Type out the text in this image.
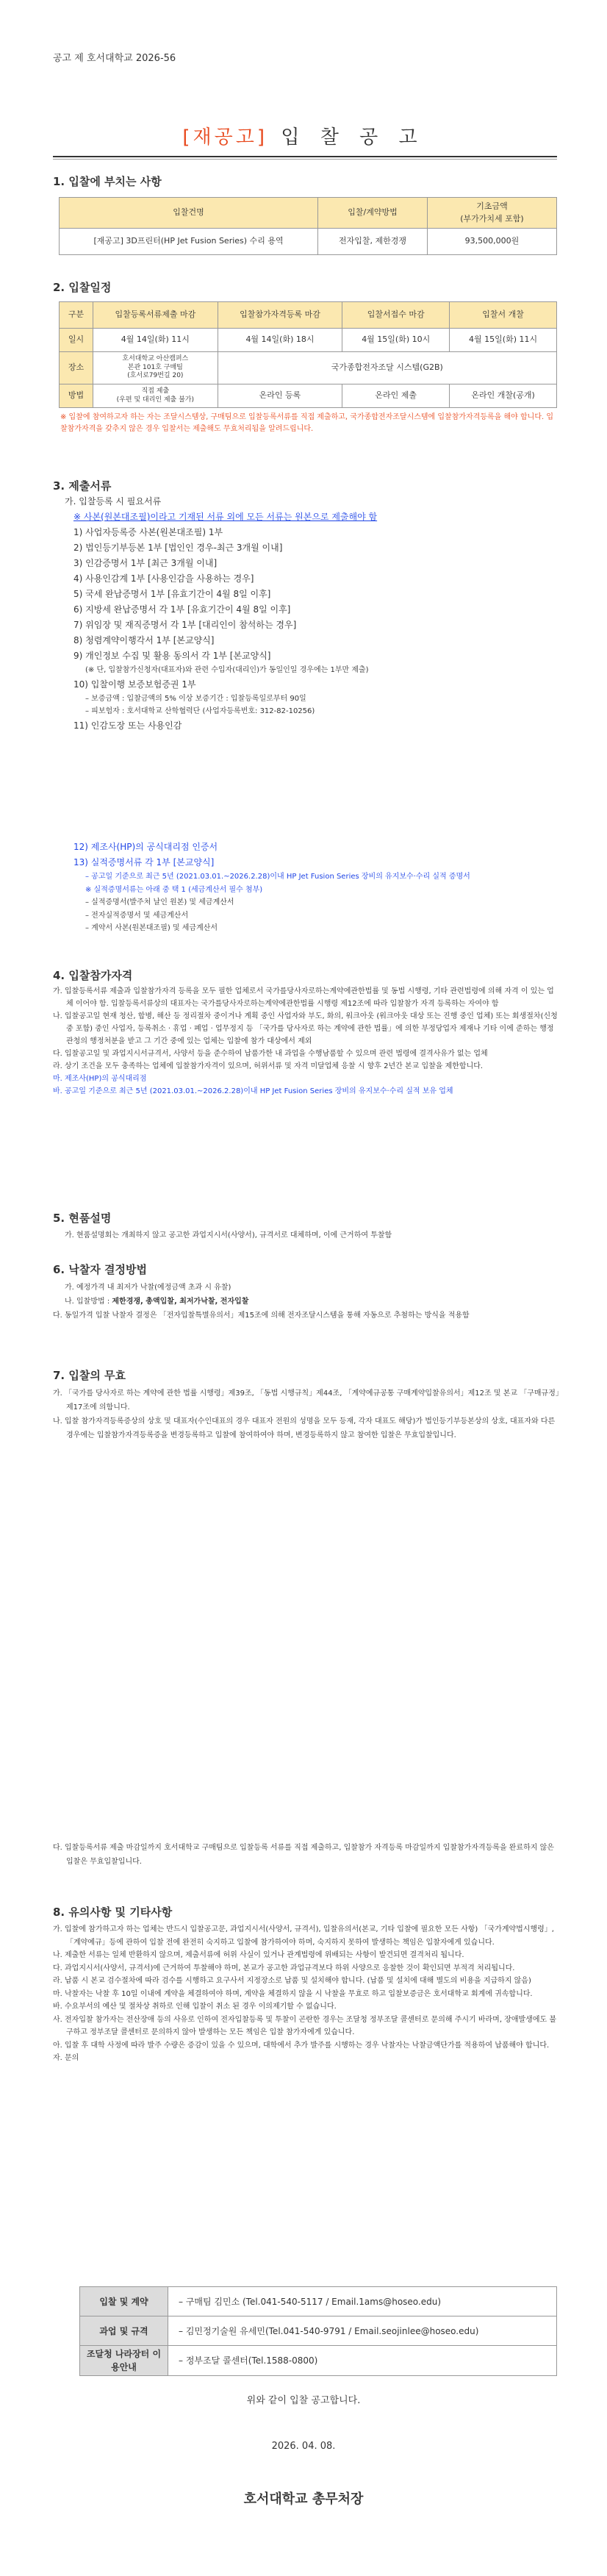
공고 제 호서대학교 2026-56
[재공고] 입 찰 공 고
1. 입찰에 부치는 사항
입찰건명	입찰/계약방법	기초금액
(부가가치세 포함)
[재공고] 3D프린터(HP Jet Fusion Series) 수리 용역	전자입찰, 제한경쟁	93,500,000원
2. 입찰일정
구분	입찰등록서류제출 마감	입찰참가자격등록 마감	입찰서접수 마감	입찰서 개찰
일시	4월 14일(화) 11시	4월 14일(화) 18시	4월 15일(화) 10시	4월 15일(화) 11시
장소	호서대학교 아산캠퍼스
본관 101호 구매팀
(호서로79번길 20)	국가종합전자조달 시스템(G2B)		
방법	직접 제출
(우편 및 대리인 제출 불가)	온라인 등록	온라인 제출	온라인 개찰(공개)
※ 입찰에 참여하고자 하는 자는 조달시스템상, 구매팀으로 입찰등록서류를 직접 제출하고, 국가종합전자조달시스템에 입찰참가자격등록을 해야 합니다. 입찰참가자격을 갖추지 않은 경우 입찰서는 제출해도 무효처리됨을 알려드립니다.
3. 제출서류
가. 입찰등록 시 필요서류
※ 사본(원본대조필)이라고 기재된 서류 외에 모든 서류는 원본으로 제출해야 함
1) 사업자등록증 사본(원본대조필) 1부
2) 법인등기부등본 1부 [법인인 경우-최근 3개월 이내]
3) 인감증명서 1부 [최근 3개월 이내]
4) 사용인감계 1부 [사용인감을 사용하는 경우]
5) 국세 완납증명서 1부 [유효기간이 4월 8일 이후]
6) 지방세 완납증명서 각 1부 [유효기간이 4월 8일 이후]
7) 위임장 및 재직증명서 각 1부 [대리인이 참석하는 경우]
8) 청렴계약이행각서 1부 [본교양식]
9) 개인정보 수집 및 활용 동의서 각 1부 [본교양식]
(※ 단, 입찰참가신청자(대표자)와 관련 수입자(대리인)가 동일인일 경우에는 1부만 제출)
10) 입찰이행 보증보험증권 1부
– 보증금액 : 입찰금액의 5% 이상 보증기간 : 입찰등록일로부터 90일
– 피보험자 : 호서대학교 산학협력단 (사업자등록번호: 312-82-10256)
11) 인감도장 또는 사용인감
12) 제조사(HP)의 공식대리점 인증서
13) 실적증명서류 각 1부 [본교양식]
– 공고일 기준으로 최근 5년 (2021.03.01.~2026.2.28)이내 HP Jet Fusion Series 장비의 유지보수·수리 실적 증명서
※ 실적증명서류는 아래 중 택 1 (세금계산서 필수 첨부)
– 실적증명서(발주처 날인 원본) 및 세금계산서
– 전자실적증명서 및 세금계산서
– 계약서 사본(원본대조필) 및 세금계산서
4. 입찰참가자격
가. 입찰등록서류 제출과 입찰참가자격 등록을 모두 필한 업체로서 국가를당사자로하는계약에관한법률 및 동법 시행령, 기타 관련법령에 의해 자격 이 있는 업체 이어야 함. 입찰등록서류상의 대표자는 국가를당사자로하는계약에관한법률 시행령 제12조에 따라 입찰참가 자격 등록하는 자여야 함
나. 입찰공고일 현재 청산, 합병, 해산 등 정리절차 중이거나 계획 중인 사업자와 부도, 화의, 워크아웃 (워크아웃 대상 또는 진행 중인 업체) 또는 회생절차(신청 중 포함) 중인 사업자, 등록취소 · 휴업 · 폐업 · 업무정지 등 「국가를 당사자로 하는 계약에 관한 법률」에 의한 부정당업자 제재나 기타 이에 준하는 행정관청의 행정처분을 받고 그 기간 중에 있는 업체는 입찰에 참가 대상에서 제외
다. 입찰공고일 및 과업지시서규격서, 사양서 등을 준수하여 납품가한 내 과업을 수행남품할 수 있으며 관련 법령에 결격사유가 없는 업체
라. 상기 조건을 모두 충족하는 업체에 입찰참가자격이 있으며, 허위서류 및 자격 미달업체 응찰 시 향후 2년간 본교 입찰을 제한합니다.
마. 제조사(HP)의 공식대리점
바. 공고일 기준으로 최근 5년 (2021.03.01.~2026.2.28)이내 HP Jet Fusion Series 장비의 유지보수·수리 실적 보유 업체
5. 현품설명
가. 현품설명회는 개최하지 않고 공고한 과업지시서(사양서), 규격서로 대체하며, 이에 근거하여 투찰함
6. 낙찰자 결정방법
가. 예정가격 내 최저가 낙찰(예정금액 초과 시 유찰)
나. 입찰방법 : 제한경쟁, 총액입찰, 최저가낙찰, 전자입찰
다. 동일가격 입찰 낙찰자 결정은 「전자입찰특별유의서」제15조에 의해 전자조달시스템을 통해 자동으로 추첨하는 방식을 적용함
7. 입찰의 무효
가. 「국가를 당사자로 하는 계약에 관한 법률 시행령」제39조, 「동법 시행규칙」제44조, 「계약예규공통 구매계약입찰유의서」제12조 및 본교 「구매규정」제17조에 의함니다.
나. 입찰 참가자격등록증상의 상호 및 대표자(수인대표의 경우 대표자 전원의 성명을 모두 등재, 각자 대표도 해당)가 법인등기부등본상의 상호, 대표자와 다른 경우에는 입찰참가자격등록증을 변경등록하고 입찰에 참여하여야 하며, 변경등록하지 않고 참여한 입찰은 무효입찰입니다.
다. 입찰등록서류 제출 마감일까지 호서대학교 구매팀으로 입찰등록 서류를 직접 제출하고, 입찰참가 자격등록 마감일까지 입찰참가자격등록을 완료하지 않은 입찰은 무효입찰입니다.
8. 유의사항 및 기타사항
가. 입찰에 참가하고자 하는 업체는 반드시 입찰공고문, 과업지시서(사양서, 규격서), 입찰유의서(본교, 기타 입찰에 필요한 모든 사항) 「국가계약법시행령」,「계약예규」등에 관하여 입찰 전에 완전히 숙지하고 입찰에 참가하여야 하며, 숙지하지 못하여 발생하는 책임은 입찰자에게 있습니다.
나. 제출한 서류는 일체 반환하지 않으며, 제출서류에 허위 사실이 있거나 관계법령에 위배되는 사항이 발견되면 결격처리 됩니다.
다. 과업지시서(사양서, 규격서)에 근거하여 투찰해야 하며, 본교가 공고한 과업규격보다 하위 사양으로 응찰한 것이 확인되면 부적격 처리됩니다.
라. 납품 시 본교 검수절차에 따라 검수를 시행하고 요구사서 지정장소로 납품 및 설치해야 합니다. (납품 및 설치에 대해 별도의 비용을 지급하지 않음)
마. 낙찰자는 낙찰 후 10일 이내에 계약을 체결하여야 하며, 계약을 체결하지 않을 시 낙찰을 무효로 하고 입찰보증금은 호서대학교 회계에 귀속합니다.
바. 수요부서의 예산 및 절차상 취하로 인해 입찰이 취소 된 경우 이의제기할 수 없습니다.
사. 전자입찰 참가자는 전산장애 등의 사유로 인하여 전자입찰등록 및 투찰이 곤란한 경우는 조달청 정부조달 콜센터로 문의해 주시기 바라며, 장애발생에도 불구하고 정부조달 콜센터로 문의하지 않아 발생하는 모든 책임은 입찰 참가자에게 있습니다.
아. 입찰 후 대학 사정에 따라 발주 수량은 증감이 있을 수 있으며, 대학에서 추가 발주를 시행하는 경우 낙찰자는 낙찰금액단가를 적용하여 납품해야 합니다.
자. 문의
입찰 및 계약	– 구매팀 김민소 (Tel.041-540-5117 / Email.1ams@hoseo.edu)
과업 및 규격	– 김민정기술원 유세민(Tel.041-540-9791 / Email.seojinlee@hoseo.edu)
조달청 나라장터 이용안내	– 정부조달 콜센터(Tel.1588-0800)
위와 같이 입찰 공고합니다.
2026. 04. 08.
호서대학교 총무처장
